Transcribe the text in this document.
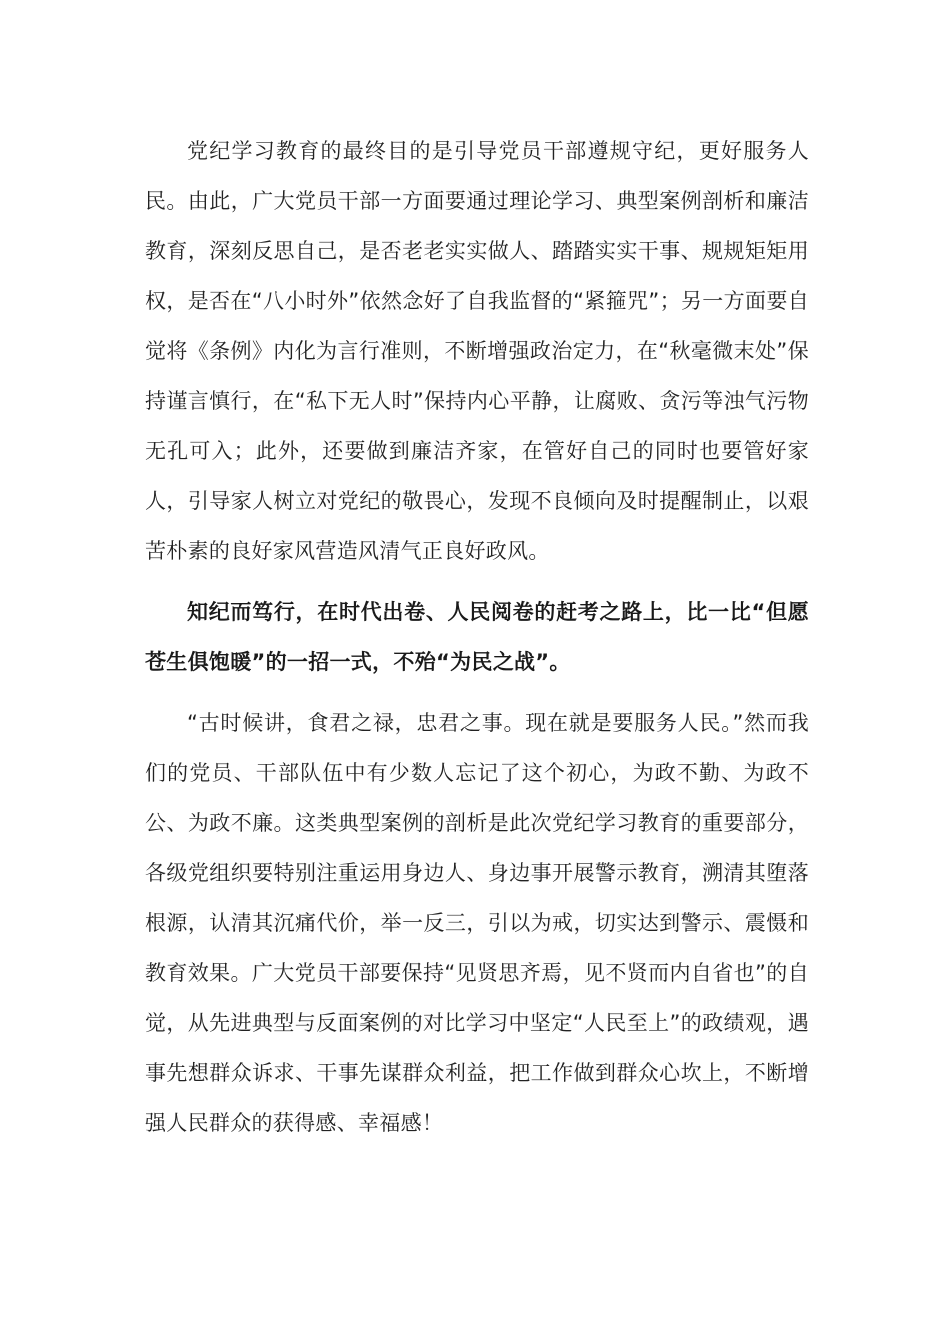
党纪学习教育的最终目的是引导党员干部遵规守纪，更好服务人民。由此，广大党员干部一方面要通过理论学习、典型案例剖析和廉洁教育，深刻反思自己，是否老老实实做人、踏踏实实干事、规规矩矩用权，是否在“八小时外”依然念好了自我监督的“紧箍咒”；另一方面要自觉将《条例》内化为言行准则，不断增强政治定力，在“秋毫微末处”保持谨言慎行，在“私下无人时”保持内心平静，让腐败、贪污等浊气污物无孔可入；此外，还要做到廉洁齐家，在管好自己的同时也要管好家人，引导家人树立对党纪的敬畏心，发现不良倾向及时提醒制止，以艰苦朴素的良好家风营造风清气正良好政风。

知纪而笃行，在时代出卷、人民阅卷的赶考之路上，比一比“但愿苍生俱饱暖”的一招一式，不殆“为民之战”。

“古时候讲，食君之禄，忠君之事。现在就是要服务人民。”然而我们的党员、干部队伍中有少数人忘记了这个初心，为政不勤、为政不公、为政不廉。这类典型案例的剖析是此次党纪学习教育的重要部分，各级党组织要特别注重运用身边人、身边事开展警示教育，溯清其堕落根源，认清其沉痛代价，举一反三，引以为戒，切实达到警示、震慑和教育效果。广大党员干部要保持“见贤思齐焉，见不贤而内自省也”的自觉，从先进典型与反面案例的对比学习中坚定“人民至上”的政绩观，遇事先想群众诉求、干事先谋群众利益，把工作做到群众心坎上，不断增强人民群众的获得感、幸福感！
